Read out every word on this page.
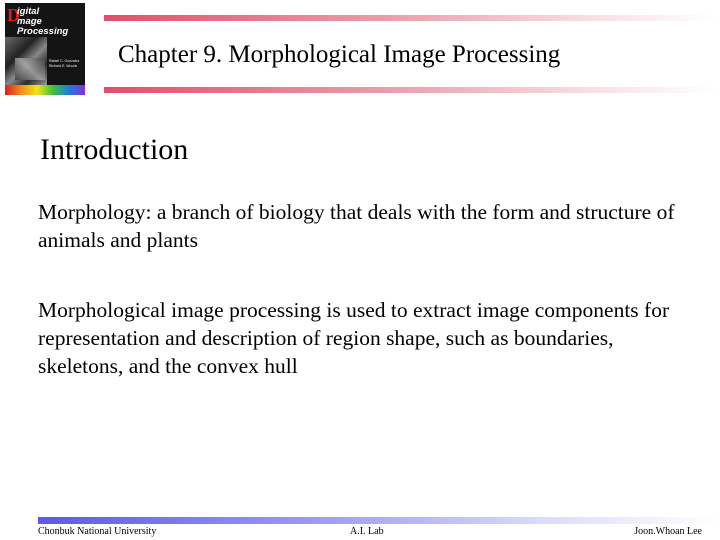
D
igital
mage
Processing
Rafael C. Gonzalez
Richard E. Woods	Chapter 9. Morphological Image Processing
Introduction
Morphology: a branch of biology that deals with the form and structure of animals and plants
Morphological image processing is used to extract image components for representation and description of region shape, such as boundaries, skeletons, and the convex hull
Chonbuk National University	A.I. Lab	Joon.Whoan Lee
